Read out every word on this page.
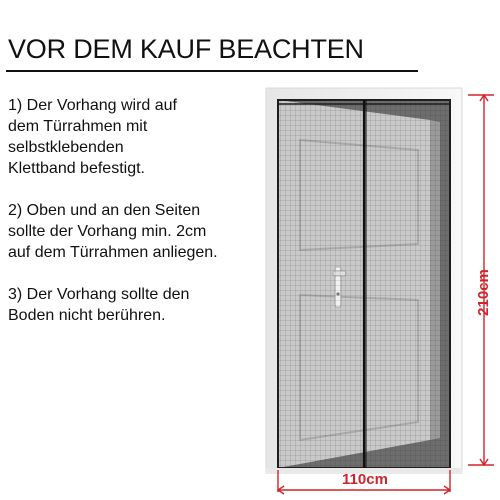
VOR DEM KAUF BEACHTEN
1) Der Vorhang wird auf
dem Türrahmen mit
selbstklebenden
Klettband befestigt.
2) Oben und an den Seiten
sollte der Vorhang min. 2cm
auf dem Türrahmen anliegen.
3) Der Vorhang sollte den
Boden nicht berühren.
210cm
110cm
